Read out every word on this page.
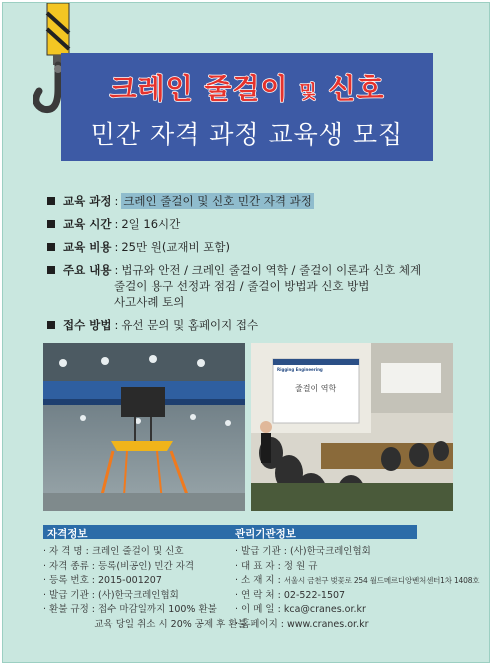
크레인 줄걸이 및 신호
민간 자격 과정 교육생 모집
교육 과정 : 크레인 줄걸이 및 신호 민간 자격 과정
교육 시간 : 2일 16시간
교육 비용 : 25만 원(교재비 포함)
주요 내용 : 법규와 안전 / 크레인 줄걸이 역학 / 줄걸이 이론과 신호 체계
줄걸이 용구 선정과 점검 / 줄걸이 방법과 신호 방법
사고사례 토의
접수 방법 : 유선 문의 및 홈페이지 접수
Rigging Engineering
줄걸이 역학
자격정보	관리기관정보
· 자 격 명 : 크레인 줄걸이 및 신호
· 자격 종류 : 등록(비공인) 민간 자격
· 등록 번호 : 2015-001207
· 발급 기관 : (사)한국크레인협회
· 환불 규정 : 접수 마감일까지 100% 환불
교육 당일 취소 시 20% 공제 후 환불
· 발급 기관 : (사)한국크레인협회
· 대 표 자 : 정 원 규
· 소 재 지 : 서울시 금천구 벚꽃로 254 월드메르디앙벤처센터1차 1408호
· 연 락 처 : 02-522-1507
· 이 메 일 : kca@cranes.or.kr
· 홈페이지 : www.cranes.or.kr
